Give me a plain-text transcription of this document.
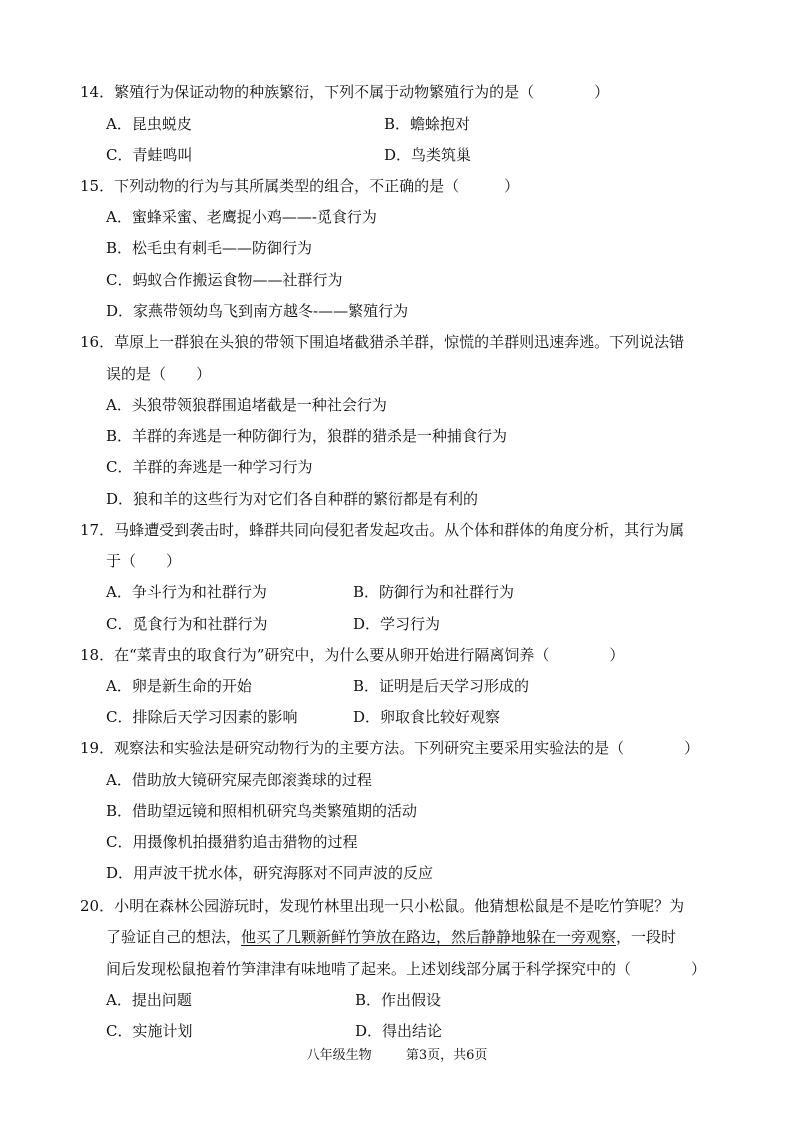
14．繁殖行为保证动物的种族繁衍，下列不属于动物繁殖行为的是（　　　　）
A．昆虫蜕皮	B．蟾蜍抱对
C．青蛙鸣叫	D．鸟类筑巢
15．下列动物的行为与其所属类型的组合，不正确的是（　　　）
A．蜜蜂采蜜、老鹰捉小鸡——-觅食行为
B．松毛虫有刺毛——防御行为
C．蚂蚁合作搬运食物——社群行为
D．家燕带领幼鸟飞到南方越冬-——繁殖行为
16．草原上一群狼在头狼的带领下围追堵截猎杀羊群，惊慌的羊群则迅速奔逃。下列说法错
误的是（　　）
A．头狼带领狼群围追堵截是一种社会行为
B．羊群的奔逃是一种防御行为，狼群的猎杀是一种捕食行为
C．羊群的奔逃是一种学习行为
D．狼和羊的这些行为对它们各自种群的繁衍都是有利的
17．马蜂遭受到袭击时，蜂群共同向侵犯者发起攻击。从个体和群体的角度分析，其行为属
于（　　）
A．争斗行为和社群行为	B．防御行为和社群行为
C．觅食行为和社群行为	D．学习行为
18．在“菜青虫的取食行为”研究中，为什么要从卵开始进行隔离饲养（　　　　）
A．卵是新生命的开始	B．证明是后天学习形成的
C．排除后天学习因素的影响	D．卵取食比较好观察
19．观察法和实验法是研究动物行为的主要方法。下列研究主要采用实验法的是（　　　　）
A．借助放大镜研究屎壳郎滚粪球的过程
B．借助望远镜和照相机研究鸟类繁殖期的活动
C．用摄像机拍摄猎豹追击猎物的过程
D．用声波干扰水体，研究海豚对不同声波的反应
20．小明在森林公园游玩时，发现竹林里出现一只小松鼠。他猜想松鼠是不是吃竹笋呢？为
了验证自己的想法，他买了几颗新鲜竹笋放在路边，然后静静地躲在一旁观察，一段时
间后发现松鼠抱着竹笋津津有味地啃了起来。上述划线部分属于科学探究中的（　　　　）
A．提出问题	B．作出假设
C．实施计划	D．得出结论
八年级生物	第3页，共6页
